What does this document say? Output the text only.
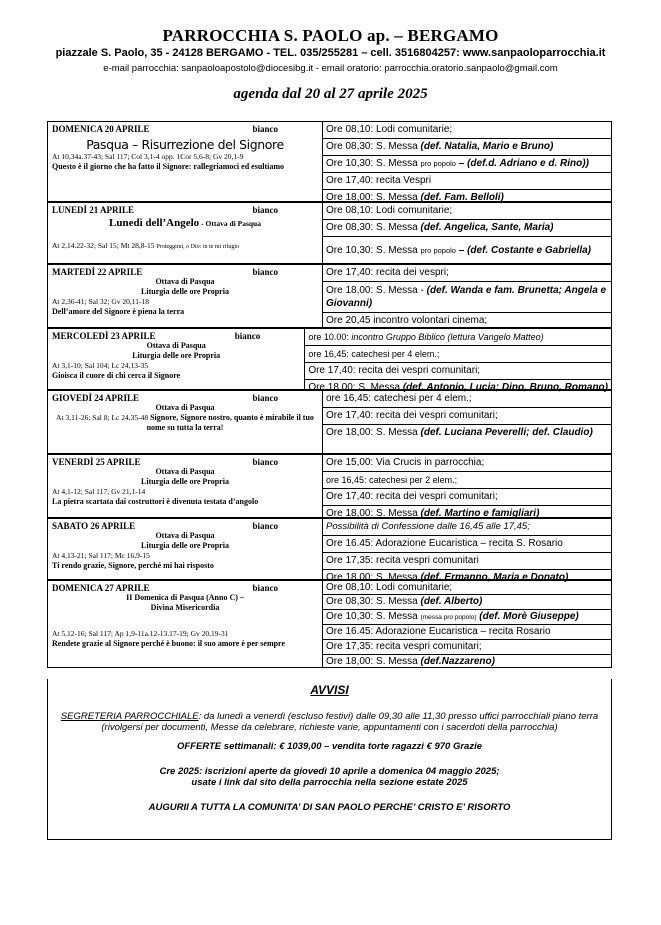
PARROCCHIA S. PAOLO ap. – BERGAMO
piazzale S. Paolo, 35 - 24128 BERGAMO - TEL. 035/255281 – cell. 3516804257: www.sanpaoloparrocchia.it
e-mail parrocchia: sanpaoloapostolo@diocesibg.it - email oratorio: parrocchia.oratorio.sanpaolo@gmail.com
agenda dal 20 al 27 aprile 2025
DOMENICA 20 APRILE	bianco
Pasqua – Risurrezione del Signore
At 10,34a.37-43; Sal 117; Col 3,1-4 opp. 1Cor 5,6-8; Gv 20,1-9
Questo è il giorno che ha fatto il Signore: rallegriamoci ed esultiamo
Ore 08,10: Lodi comunitarie;
Ore 08,30: S. Messa (def. Natalia, Mario e Bruno)
Ore 10,30: S. Messa pro popolo – (def.d. Adriano e d. Rino))
Ore 17,40: recita Vespri
Ore 18,00: S. Messa (def. Fam. Belloli)
LUNEDÌ 21 APRILE	bianco
Lunedì dell’Angelo - Ottava di Pasqua
At 2,14.22-32; Sal 15; Mt 28,8-15 Proteggimi, o Dio: in te mi rifugio
Ore 08,10: Lodi comunitarie;
Ore 08,30: S. Messa (def. Angelica, Sante, Maria)
Ore 10,30: S. Messa pro popolo – (def. Costante e Gabriella)
MARTEDÌ 22 APRILE	bianco
Ottava di Pasqua
Liturgia delle ore Propria
At 2,36-41; Sal 32; Gv 20,11-18
Dell’amore del Signore è piena la terra
Ore 17,40: recita dei vespri;
Ore 18,00: S. Messa - (def. Wanda e fam. Brunetta; Angela e Giovanni)
Ore 20,45 incontro volontari cinema;
MERCOLEDÌ 23 APRILE	bianco
Ottava di Pasqua
Liturgia delle ore Propria
At 3,1-10; Sal 104; Lc 24,13-35
Gioisca il cuore di chi cerca il Signore
ore 10.00: incontro Gruppo Biblico (lettura Vangelo Matteo)
ore 16,45: catechesi per 4 elem.;
Ore 17,40: recita dei vespri comunitari;
Ore 18,00: S. Messa (def. Antonio, Lucia; Dino, Bruno, Romano)
GIOVEDÌ 24 APRILE	bianco
Ottava di Pasqua
At 3,11-26; Sal 8; Lc 24,35-48 Signore, Signore nostro, quanto è mirabile il tuo nome su tutta la terra!
ore 16,45: catechesi per 4 elem.;
Ore 17,40: recita dei vespri comunitari;
Ore 18,00: S. Messa (def. Luciana Peverelli; def. Claudio)
VENERDÌ 25 APRILE	bianco
Ottava di Pasqua
Liturgia delle ore Propria
At 4,1-12; Sal 117; Gv 21,1-14
La pietra scartata dai costruttori è divenuta testata d’angolo
Ore 15,00: Via Crucis in parrocchia;
ore 16,45: catechesi per 2 elem.;
Ore 17,40: recita dei vespri comunitari;
Ore 18,00: S. Messa (def. Martino e famigliari)
SABATO 26 APRILE	bianco
Ottava di Pasqua
Liturgia delle ore Propria
At 4,13-21; Sal 117; Mc 16,9-15
Ti rendo grazie, Signore, perché mi hai risposto
Possibilità di Confessione dalle 16,45 alle 17,45;
Ore 16.45: Adorazione Eucaristica – recita S. Rosario
Ore 17,35: recita vespri comunitari
Ore 18,00: S. Messa (def. Ermanno, Maria e Donato)
DOMENICA 27 APRILE	bianco
II Domenica di Pasqua (Anno C) –
Divina Misericordia
At 5,12-16; Sal 117; Ap 1,9-11a.12-13.17-19; Gv 20,19-31
Rendete grazie al Signore perché è buono: il suo amore è per sempre
Ore 08,10: Lodi comunitarie;
Ore 08,30: S. Messa (def. Alberto)
Ore 10,30: S. Messa (messa pro popolo) (def. Morè Giuseppe)
Ore 16.45: Adorazione Eucaristica – recita Rosario
Ore 17,35: recita vespri comunitari;
Ore 18,00: S. Messa (def.Nazzareno)
AVVISI

SEGRETERIA PARROCCHIALE: da lunedì a venerdì (escluso festivi) dalle 09,30 alle 11,30 presso uffici parrocchiali piano terra (rivolgersi per documenti, Messe da celebrare, richieste varie, appuntamenti con i sacerdoti della parrocchia)

OFFERTE settimanali: € 1039,00 – vendita torte ragazzi € 970 Grazie

Cre 2025: iscrizioni aperte da giovedì 10 aprile a domenica 04 maggio 2025;

usate i link dal sito della parrocchia nella sezione estate 2025

AUGURII A TUTTA LA COMUNITA’ DI SAN PAOLO PERCHE’ CRISTO E’ RISORTO
